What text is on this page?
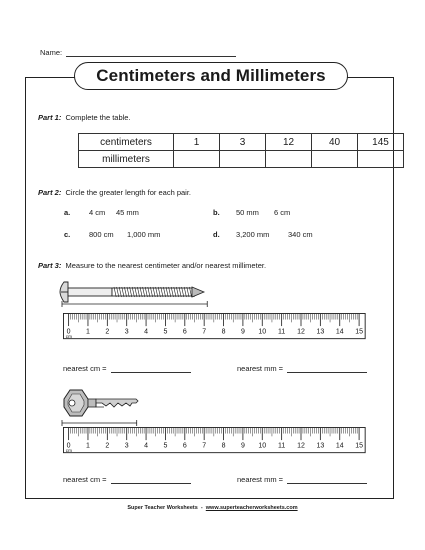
Name:
Centimeters and Millimeters
Part 1: Complete the table.
centimeters	1	3	12	40	145
millimeters					
Part 2: Circle the greater length for each pair.
a. 4 cm 45 mm	b. 50 mm 6 cm
c. 800 cm 1,000 mm	d. 3,200 mm 340 cm
Part 3: Measure to the nearest centimeter and/or nearest millimeter.
0 1 2 3 4 5 6 7 8 9 10 11 12 13 14 15
cm
nearest cm =	nearest mm =
0 1 2 3 4 5 6 7 8 9 10 11 12 13 14 15
cm
nearest cm =	nearest mm =
Super Teacher Worksheets - www.superteacherworksheets.com
